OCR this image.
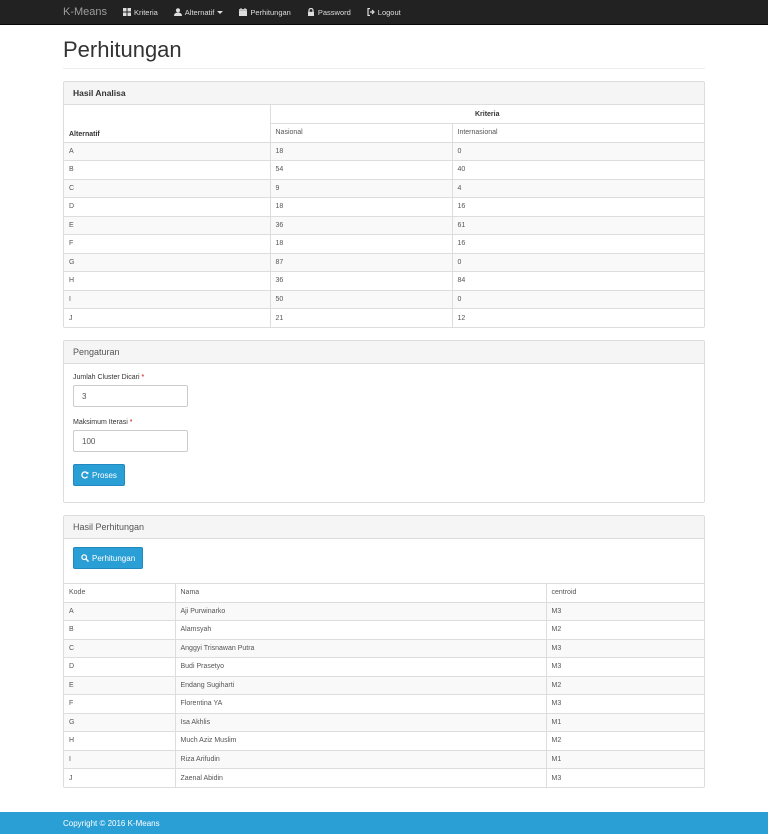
K-Means	Kriteria	Alternatif	Perhitungan	Password	Logout
Perhitungan
Hasil Analisa
Alternatif	Kriteria	
	Nasional	Internasional
A	18	0
B	54	40
C	9	4
D	18	16
E	36	61
F	18	16
G	87	0
H	36	84
I	50	0
J	21	12
Pengaturan
Jumlah Cluster Dicari *
3
Maksimum Iterasi *
100
Proses
Hasil Perhitungan
Perhitungan
Kode	Nama	centroid
A	Aji Purwinarko	M3
B	Alamsyah	M2
C	Anggyi Trisnawan Putra	M3
D	Budi Prasetyo	M3
E	Endang Sugiharti	M2
F	Florentina YA	M3
G	Isa Akhlis	M1
H	Much Aziz Muslim	M2
I	Riza Arifudin	M1
J	Zaenal Abidin	M3
Copyright © 2016 K-Means
